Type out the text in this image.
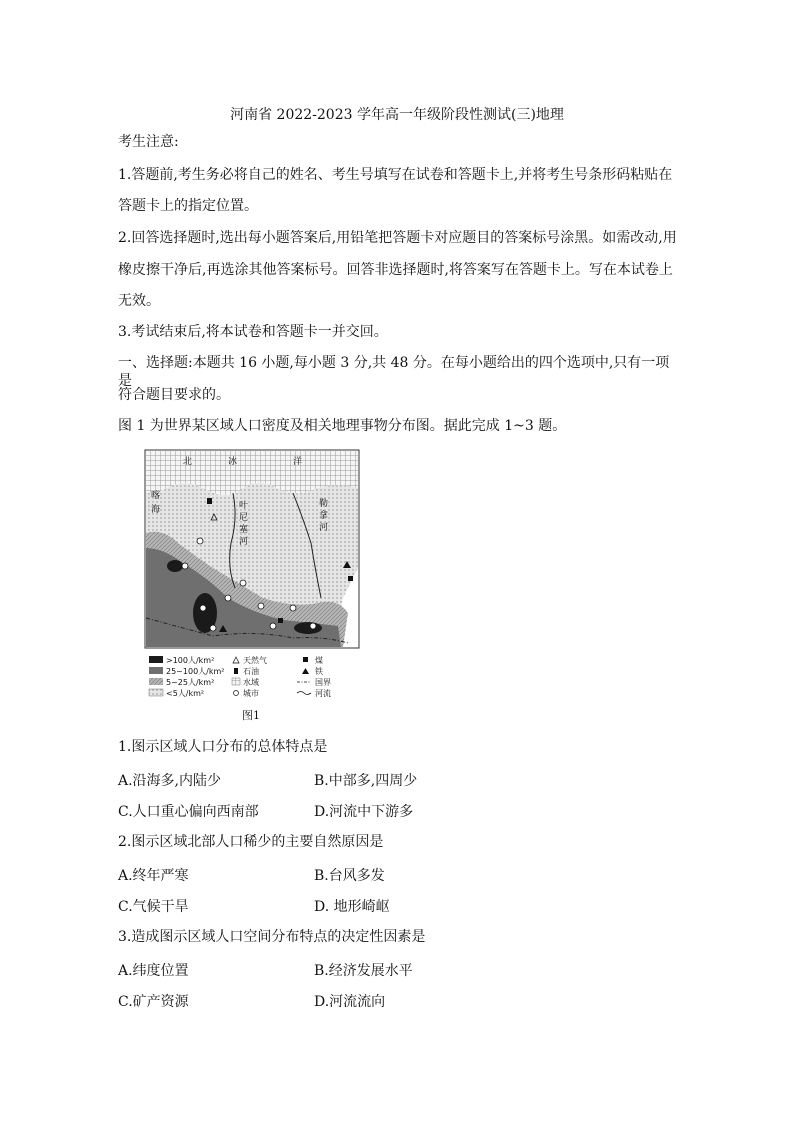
河南省 2022-2023 学年高一年级阶段性测试(三)地理
考生注意:
1.答题前,考生务必将自己的姓名、考生号填写在试卷和答题卡上,并将考生号条形码粘贴在
答题卡上的指定位置。
2.回答选择题时,选出每小题答案后,用铅笔把答题卡对应题目的答案标号涂黑。如需改动,用
橡皮擦干净后,再选涂其他答案标号。回答非选择题时,将答案写在答题卡上。写在本试卷上
无效。
3.考试结束后,将本试卷和答题卡一并交回。
一、选择题:本题共 16 小题,每小题 3 分,共 48 分。在每小题给出的四个选项中,只有一项是
符合题目要求的。
图 1 为世界某区域人口密度及相关地理事物分布图。据此完成 1~3 题。
北	冰	洋
喀
海	叶
尼
塞
河
勒
拿
河
>100人/km²
25~100人/km²
5~25人/km²
<5人/km²
天然气
石油
水域
城市
煤
铁
国界
河流
图1
1.图示区域人口分布的总体特点是
A.沿海多,内陆少	B.中部多,四周少
C.人口重心偏向西南部	D.河流中下游多
2.图示区域北部人口稀少的主要自然原因是
A.终年严寒	B.台风多发
C.气候干旱	D. 地形崎岖
3.造成图示区域人口空间分布特点的决定性因素是
A.纬度位置	B.经济发展水平
C.矿产资源	D.河流流向
